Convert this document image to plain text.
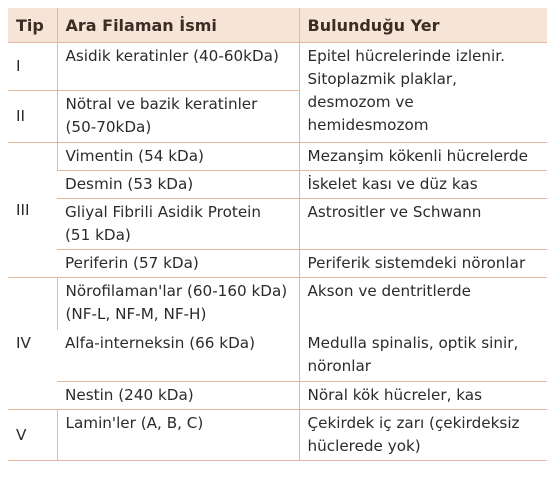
Tip	Ara Filaman İsmi	Bulunduğu Yer
I	Asidik keratinler (40-60kDa)	Epitel hücrelerinde izlenir. Sitoplazmik plaklar, desmozom ve hemidesmozom
II	Nötral ve bazik keratinler (50-70kDa)	
III	Vimentin (54 kDa)	Mezanşim kökenli hücrelerde
	Desmin (53 kDa)	İskelet kası ve düz kas
	Gliyal Fibrili Asidik Protein (51 kDa)	Astrositler ve Schwann
	Periferin (57 kDa)	Periferik sistemdeki nöronlar
IV	Nörofilaman'lar (60-160 kDa) (NF-L, NF-M, NF-H)	Akson ve dentritlerde
	Alfa-interneksin (66 kDa)	Medulla spinalis, optik sinir, nöronlar
	Nestin (240 kDa)	Nöral kök hücreler, kas
V	Lamin'ler (A, B, C)	Çekirdek iç zarı (çekirdeksiz hüclerede yok)
